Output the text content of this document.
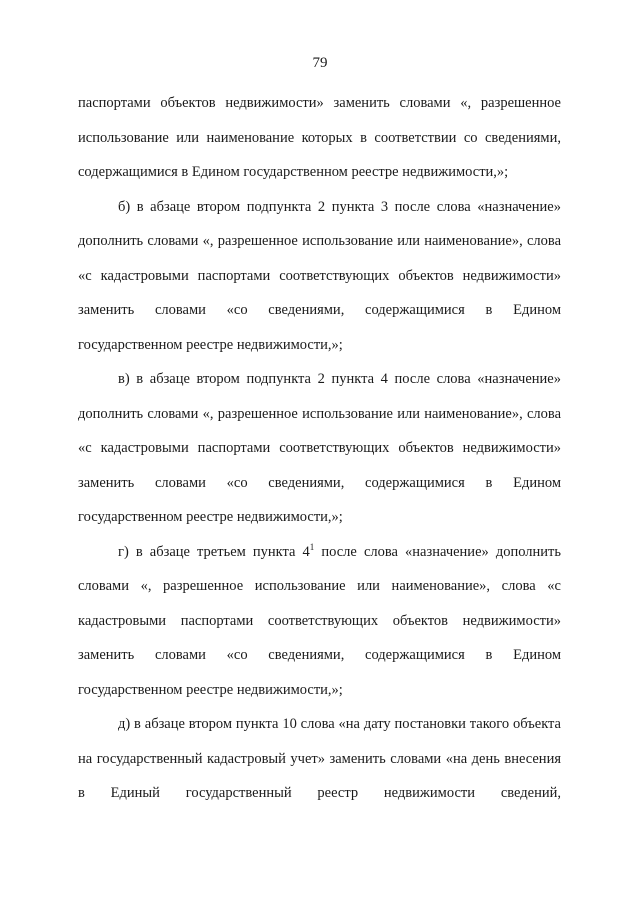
79

паспортами объектов недвижимости» заменить словами «, разрешенное использование или наименование которых в соответствии со сведениями, содержащимися в Едином государственном реестре недвижимости,»;

б) в абзаце втором подпункта 2 пункта 3 после слова «назначение» дополнить словами «, разрешенное использование или наименование», слова «с кадастровыми паспортами соответствующих объектов недвижимости» заменить словами «со сведениями, содержащимися в Едином государственном реестре недвижимости,»;

в) в абзаце втором подпункта 2 пункта 4 после слова «назначение» дополнить словами «, разрешенное использование или наименование», слова «с кадастровыми паспортами соответствующих объектов недвижимости» заменить словами «со сведениями, содержащимися в Едином государственном реестре недвижимости,»;

г) в абзаце третьем пункта $4^1$ после слова «назначение» дополнить словами «, разрешенное использование или наименование», слова «с кадастровыми паспортами соответствующих объектов недвижимости» заменить словами «со сведениями, содержащимися в Едином государственном реестре недвижимости,»;

д) в абзаце втором пункта 10 слова «на дату постановки такого объекта на государственный кадастровый учет» заменить словами «на день внесения в Единый государственный реестр недвижимости сведений,
